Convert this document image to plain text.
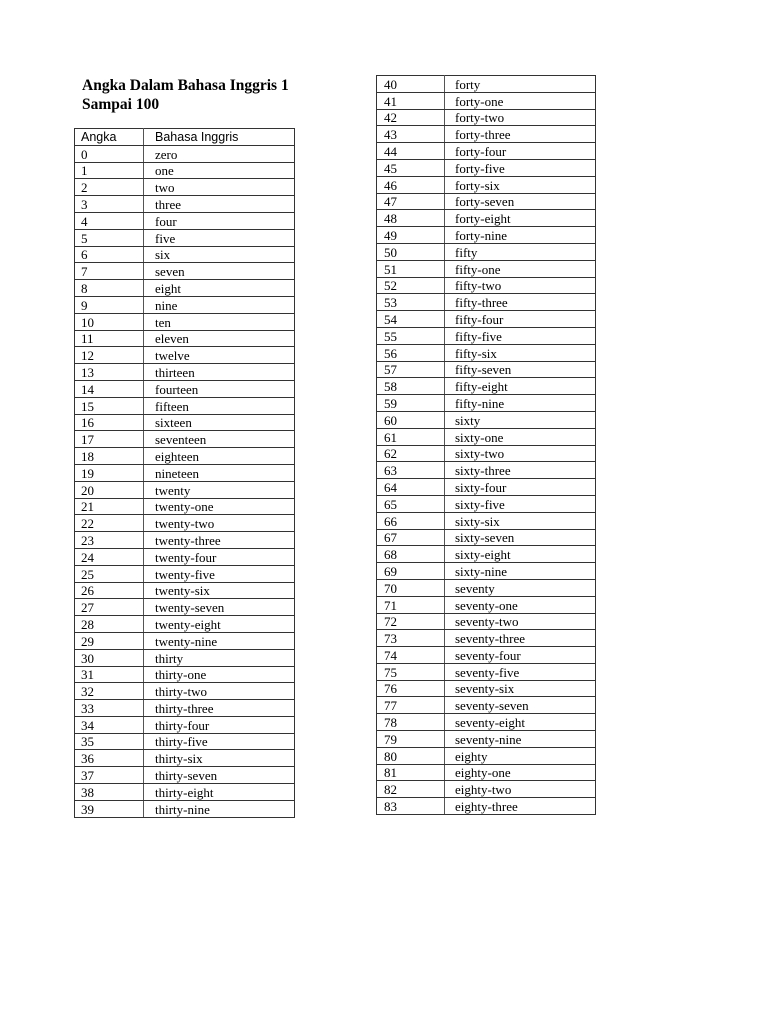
Angka Dalam Bahasa Inggris 1
Sampai 100
Angka	Bahasa Inggris
0	zero
1	one
2	two
3	three
4	four
5	five
6	six
7	seven
8	eight
9	nine
10	ten
11	eleven
12	twelve
13	thirteen
14	fourteen
15	fifteen
16	sixteen
17	seventeen
18	eighteen
19	nineteen
20	twenty
21	twenty-one
22	twenty-two
23	twenty-three
24	twenty-four
25	twenty-five
26	twenty-six
27	twenty-seven
28	twenty-eight
29	twenty-nine
30	thirty
31	thirty-one
32	thirty-two
33	thirty-three
34	thirty-four
35	thirty-five
36	thirty-six
37	thirty-seven
38	thirty-eight
39	thirty-nine
40	forty
41	forty-one
42	forty-two
43	forty-three
44	forty-four
45	forty-five
46	forty-six
47	forty-seven
48	forty-eight
49	forty-nine
50	fifty
51	fifty-one
52	fifty-two
53	fifty-three
54	fifty-four
55	fifty-five
56	fifty-six
57	fifty-seven
58	fifty-eight
59	fifty-nine
60	sixty
61	sixty-one
62	sixty-two
63	sixty-three
64	sixty-four
65	sixty-five
66	sixty-six
67	sixty-seven
68	sixty-eight
69	sixty-nine
70	seventy
71	seventy-one
72	seventy-two
73	seventy-three
74	seventy-four
75	seventy-five
76	seventy-six
77	seventy-seven
78	seventy-eight
79	seventy-nine
80	eighty
81	eighty-one
82	eighty-two
83	eighty-three
